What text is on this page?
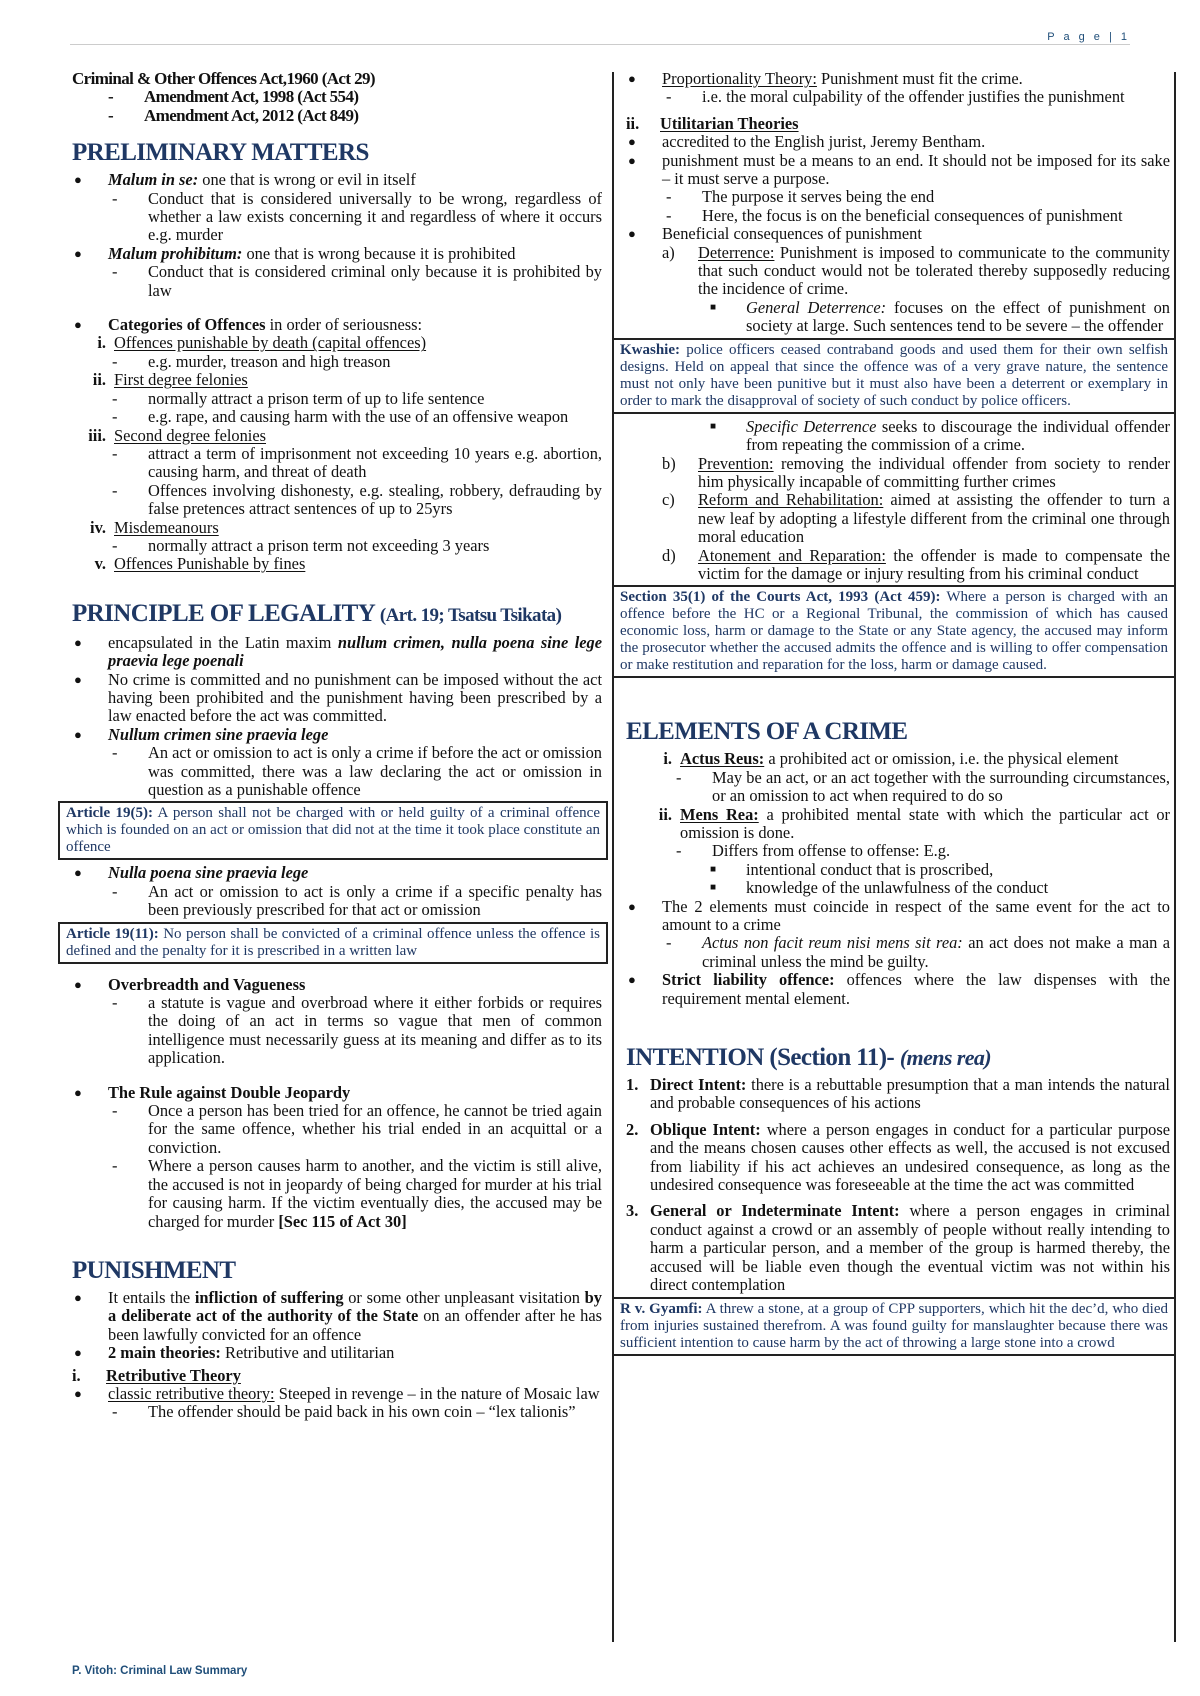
P a g e | 1

Criminal & Other Offences Act,1960 (Act 29)

-	Amendment Act, 1998 (Act 554)
-	Amendment Act, 2012 (Act 849)
PRELIMINARY MATTERS
●	Malum in se: one that is wrong or evil in itself
-	Conduct that is considered universally to be wrong, regardless of whether a law exists concerning it and regardless of where it occurs e.g. murder
●	Malum prohibitum: one that is wrong because it is prohibited
-	Conduct that is considered criminal only because it is prohibited by law
●	Categories of Offences in order of seriousness:
i. Offences punishable by death (capital offences)
-	e.g. murder, treason and high treason
ii. First degree felonies
-	normally attract a prison term of up to life sentence
-	e.g. rape, and causing harm with the use of an offensive weapon
iii. Second degree felonies
-	attract a term of imprisonment not exceeding 10 years e.g. abortion, causing harm, and threat of death
-	Offences involving dishonesty, e.g. stealing, robbery, defrauding by false pretences attract sentences of up to 25yrs
iv. Misdemeanours
-	normally attract a prison term not exceeding 3 years
v. Offences Punishable by fines
PRINCIPLE OF LEGALITY (Art. 19; Tsatsu Tsikata)
●	encapsulated in the Latin maxim nullum crimen, nulla poena sine lege praevia lege poenali
●	No crime is committed and no punishment can be imposed without the act having been prohibited and the punishment having been prescribed by a law enacted before the act was committed.
●	Nullum crimen sine praevia lege
-	An act or omission to act is only a crime if before the act or omission was committed, there was a law declaring the act or omission in question as a punishable offence
Article 19(5): A person shall not be charged with or held guilty of a criminal offence which is founded on an act or omission that did not at the time it took place constitute an offence
●	Nulla poena sine praevia lege
-	An act or omission to act is only a crime if a specific penalty has been previously prescribed for that act or omission
Article 19(11): No person shall be convicted of a criminal offence unless the offence is defined and the penalty for it is prescribed in a written law
●	Overbreadth and Vagueness
-	a statute is vague and overbroad where it either forbids or requires the doing of an act in terms so vague that men of common intelligence must necessarily guess at its meaning and differ as to its application.
●	The Rule against Double Jeopardy
-	Once a person has been tried for an offence, he cannot be tried again for the same offence, whether his trial ended in an acquittal or a conviction.
-	Where a person causes harm to another, and the victim is still alive, the accused is not in jeopardy of being charged for murder at his trial for causing harm. If the victim eventually dies, the accused may be charged for murder [Sec 115 of Act 30]
PUNISHMENT
●	It entails the infliction of suffering or some other unpleasant visitation by a deliberate act of the authority of the State on an offender after he has been lawfully convicted for an offence
●	2 main theories: Retributive and utilitarian
i.	Retributive Theory
●	classic retributive theory: Steeped in revenge – in the nature of Mosaic law
-	The offender should be paid back in his own coin – “lex talionis”
●	Proportionality Theory: Punishment must fit the crime.
-	i.e. the moral culpability of the offender justifies the punishment
ii.	Utilitarian Theories
●	accredited to the English jurist, Jeremy Bentham.
●	punishment must be a means to an end. It should not be imposed for its sake – it must serve a purpose.
-	The purpose it serves being the end
-	Here, the focus is on the beneficial consequences of punishment
●	Beneficial consequences of punishment
a)	Deterrence: Punishment is imposed to communicate to the community that such conduct would not be tolerated thereby supposedly reducing the incidence of crime.
■	General Deterrence: focuses on the effect of punishment on society at large. Such sentences tend to be severe – the offender
Kwashie: police officers ceased contraband goods and used them for their own selfish designs. Held on appeal that since the offence was of a very grave nature, the sentence must not only have been punitive but it must also have been a deterrent or exemplary in order to mark the disapproval of society of such conduct by police officers.
■	Specific Deterrence seeks to discourage the individual offender from repeating the commission of a crime.
b)	Prevention: removing the individual offender from society to render him physically incapable of committing further crimes
c)	Reform and Rehabilitation: aimed at assisting the offender to turn a new leaf by adopting a lifestyle different from the criminal one through moral education
d)	Atonement and Reparation: the offender is made to compensate the victim for the damage or injury resulting from his criminal conduct
Section 35(1) of the Courts Act, 1993 (Act 459): Where a person is charged with an offence before the HC or a Regional Tribunal, the commission of which has caused economic loss, harm or damage to the State or any State agency, the accused may inform the prosecutor whether the accused admits the offence and is willing to offer compensation or make restitution and reparation for the loss, harm or damage caused.
ELEMENTS OF A CRIME
i. Actus Reus: a prohibited act or omission, i.e. the physical element
-	May be an act, or an act together with the surrounding circumstances, or an omission to act when required to do so
ii. Mens Rea: a prohibited mental state with which the particular act or omission is done.
-	Differs from offense to offense: E.g.
■	intentional conduct that is proscribed,
■	knowledge of the unlawfulness of the conduct
●	The 2 elements must coincide in respect of the same event for the act to amount to a crime
-	Actus non facit reum nisi mens sit rea: an act does not make a man a criminal unless the mind be guilty.
●	Strict liability offence: offences where the law dispenses with the requirement mental element.
INTENTION (Section 11)- (mens rea)
1. Direct Intent: there is a rebuttable presumption that a man intends the natural and probable consequences of his actions
2. Oblique Intent: where a person engages in conduct for a particular purpose and the means chosen causes other effects as well, the accused is not excused from liability if his act achieves an undesired consequence, as long as the undesired consequence was foreseeable at the time the act was committed
3. General or Indeterminate Intent: where a person engages in criminal conduct against a crowd or an assembly of people without really intending to harm a particular person, and a member of the group is harmed thereby, the accused will be liable even though the eventual victim was not within his direct contemplation
R v. Gyamfi: A threw a stone, at a group of CPP supporters, which hit the dec’d, who died from injuries sustained therefrom. A was found guilty for manslaughter because there was sufficient intention to cause harm by the act of throwing a large stone into a crowd
P. Vitoh: Criminal Law Summary
